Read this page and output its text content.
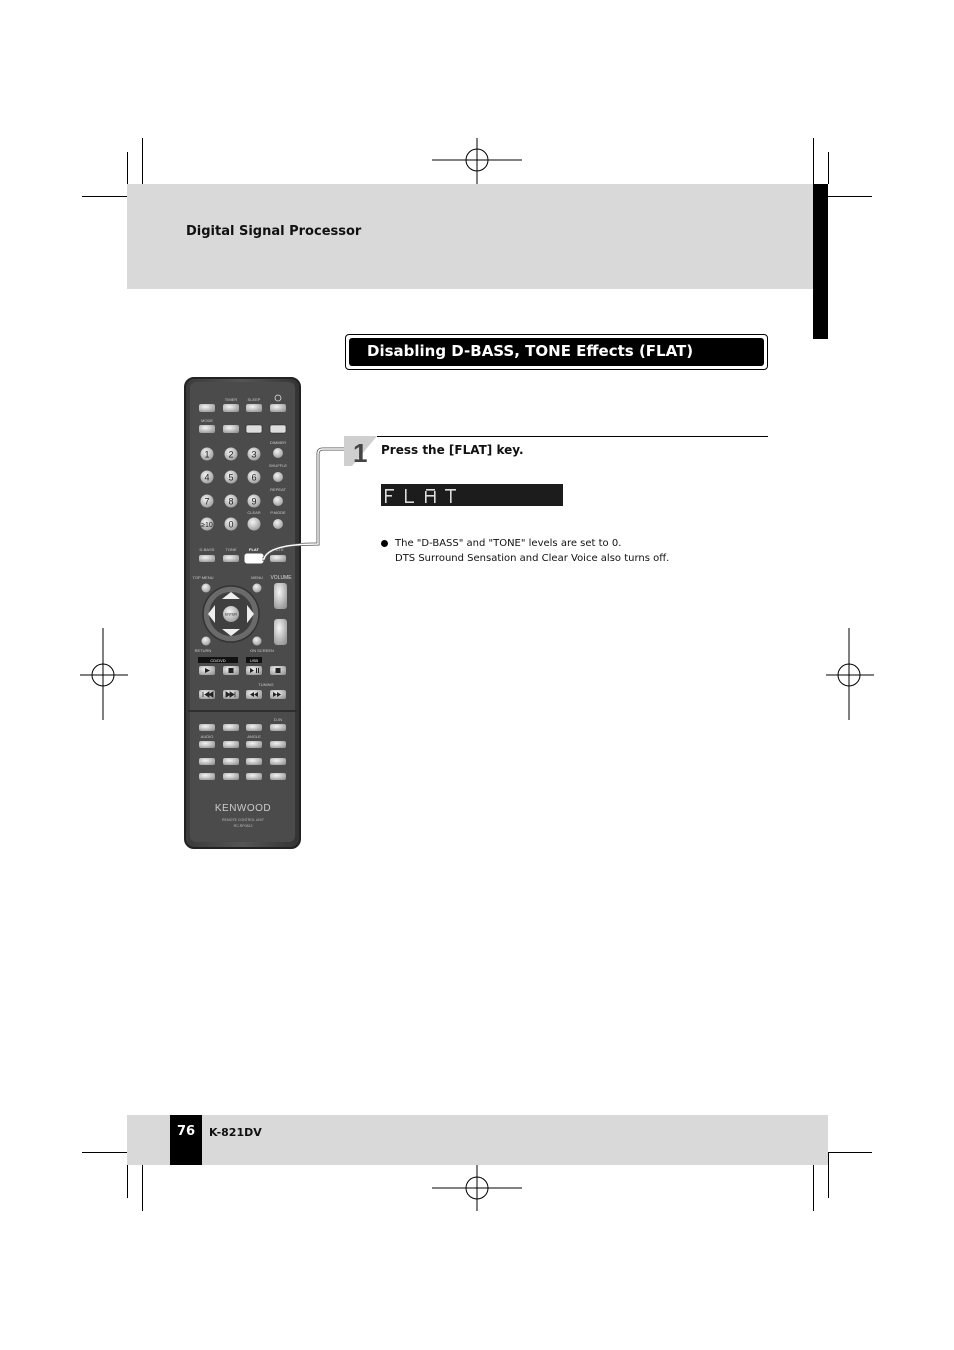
Digital Signal Processor
Disabling D-BASS, TONE Effects (FLAT)
TIMER	SLEEP
MODE
DIMMER
SHUFFLE
REPEAT
CLEAR P.MODE
1 2 3
4 5 6
7 8 9
≥10 0
D-BASS	TONE	FLAT	MUTE
TOP MENU	MENU VOLUME
ENTER
RETURN	ON SCREEN
CD/DVD	USB
TUNING
D-IN
AUDIO	ANGLE
KENWOOD
REMOTE CONTROL UNIT
RC-RP0813
1 Press the [FLAT] key.
The "D-BASS" and "TONE" levels are set to 0.
DTS Surround Sensation and Clear Voice also turns off.
76	K-821DV
